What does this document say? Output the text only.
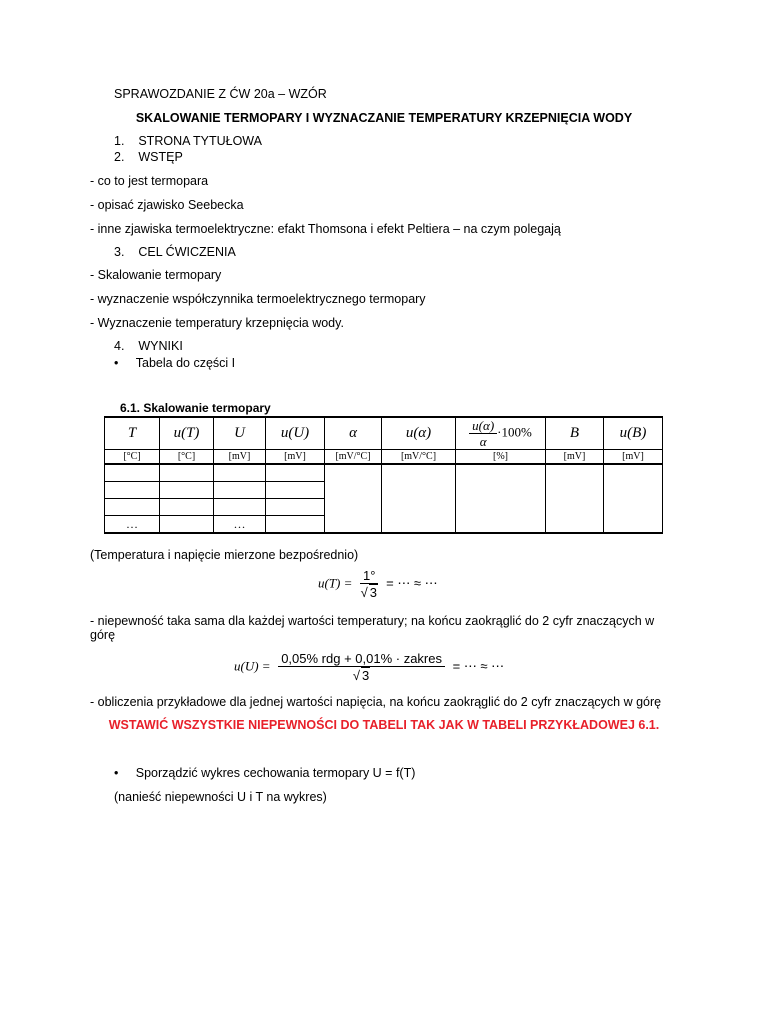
SPRAWOZDANIE Z ĆW 20a – WZÓR
SKALOWANIE TERMOPARY I WYZNACZANIE TEMPERATURY KRZEPNIĘCIA WODY
1. STRONA TYTUŁOWA
2. WSTĘP
- co to jest termopara
- opisać zjawisko Seebecka
- inne zjawiska termoelektryczne: efakt Thomsona i efekt Peltiera – na czym polegają
3. CEL ĆWICZENIA
- Skalowanie termopary
- wyznaczenie współczynnika termoelektrycznego termopary
- Wyznaczenie temperatury krzepnięcia wody.
4. WYNIKI
• Tabela do części I
6.1. Skalowanie termopary
T	u(T)	U	u(U)	α	u(α)	$\frac{u(\alpha)}{\alpha} \cdot 100\%$	B	u(B)
[°C]	[°C]	[mV]	[mV]	[mV/°C]	[mV/°C]	[%]	[mV]	[mV]

…		…						
(Temperatura i napięcie mierzone bezpośrednio)
$u(T) = \frac{1^\circ}{√ 3}$ = ⋯ ≈ ⋯
- niepewność taka sama dla każdej wartości temperatury; na końcu zaokrąglić do 2 cyfr znaczących w
górę
$u(U) = \frac{\text{0,05\% rdg + 0,01\% · zakres}}{√ 3}$ = ⋯ ≈ ⋯
- obliczenia przykładowe dla jednej wartości napięcia, na końcu zaokrąglić do 2 cyfr znaczących w górę
WSTAWIĆ WSZYSTKIE NIEPEWNOŚCI DO TABELI TAK JAK W TABELI PRZYKŁADOWEJ 6.1.
• Sporządzić wykres cechowania termopary U = f(T)
(nanieść niepewności U i T na wykres)
